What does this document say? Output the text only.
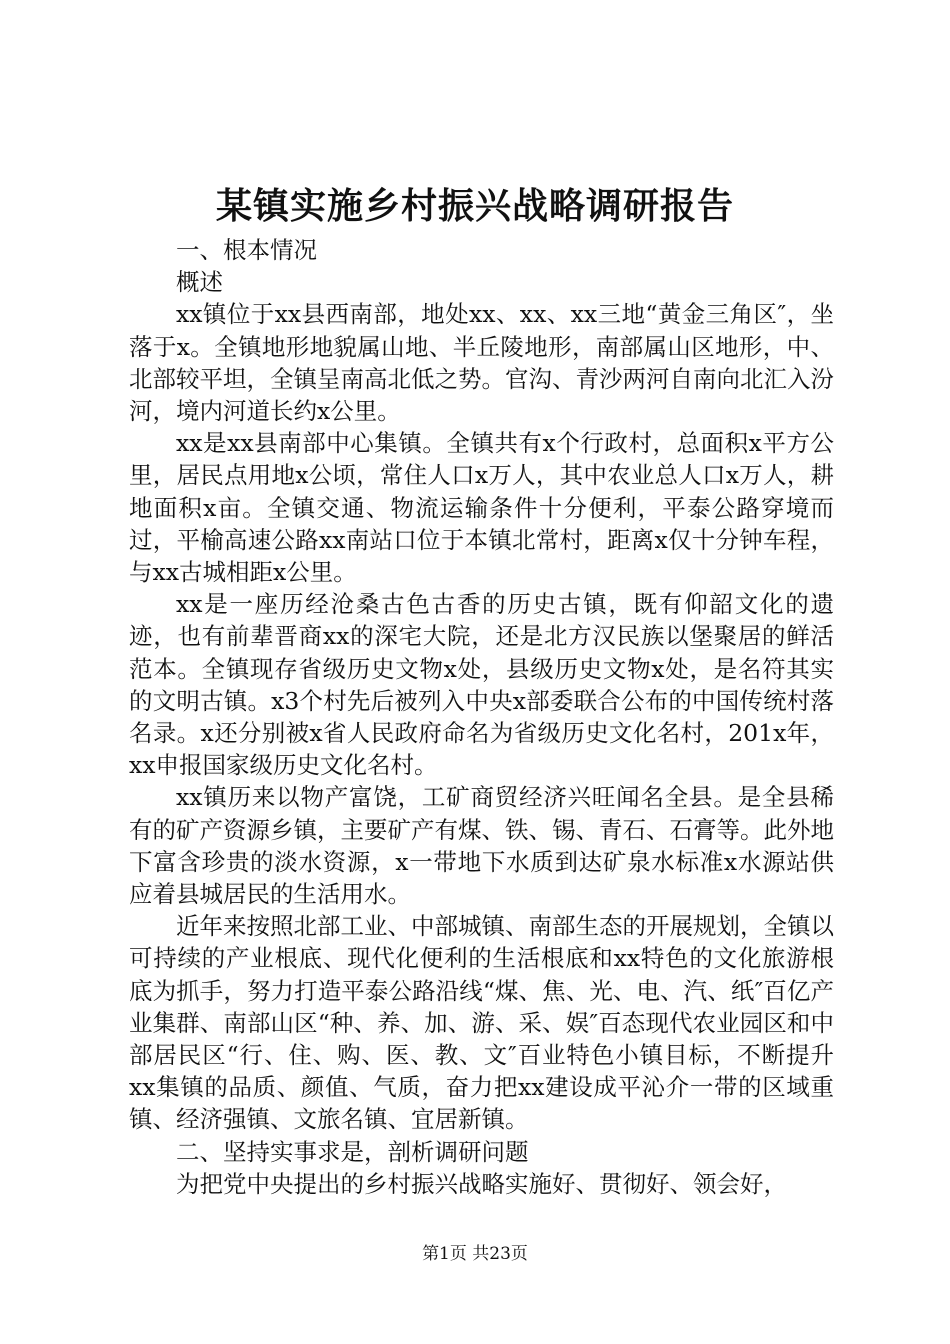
某镇实施乡村振兴战略调研报告

一、根本情况

概述

xx镇位于xx县西南部，地处xx、xx、xx三地“黄金三角区″，坐落于x。全镇地形地貌属山地、半丘陵地形，南部属山区地形，中、北部较平坦，全镇呈南高北低之势。官沟、青沙两河自南向北汇入汾河，境内河道长约x公里。

xx是xx县南部中心集镇。全镇共有x个行政村，总面积x平方公里，居民点用地x公顷，常住人口x万人，其中农业总人口x万人，耕地面积x亩。全镇交通、物流运输条件十分便利，平泰公路穿境而过，平榆高速公路xx南站口位于本镇北常村，距离x仅十分钟车程，与xx古城相距x公里。

xx是一座历经沧桑古色古香的历史古镇，既有仰韶文化的遗迹，也有前辈晋商xx的深宅大院，还是北方汉民族以堡聚居的鲜活范本。全镇现存省级历史文物x处，县级历史文物x处，是名符其实的文明古镇。x3个村先后被列入中央x部委联合公布的中国传统村落名录。x还分别被x省人民政府命名为省级历史文化名村，201x年，xx申报国家级历史文化名村。

xx镇历来以物产富饶，工矿商贸经济兴旺闻名全县。是全县稀有的矿产资源乡镇，主要矿产有煤、铁、锡、青石、石膏等。此外地下富含珍贵的淡水资源，x一带地下水质到达矿泉水标准x水源站供应着县城居民的生活用水。

近年来按照北部工业、中部城镇、南部生态的开展规划，全镇以可持续的产业根底、现代化便利的生活根底和xx特色的文化旅游根底为抓手，努力打造平泰公路沿线“煤、焦、光、电、汽、纸″百亿产业集群、南部山区“种、养、加、游、采、娱″百态现代农业园区和中部居民区“行、住、购、医、教、文″百业特色小镇目标，不断提升xx集镇的品质、颜值、气质，奋力把xx建设成平沁介一带的区域重镇、经济强镇、文旅名镇、宜居新镇。

二、坚持实事求是，剖析调研问题

为把党中央提出的乡村振兴战略实施好、贯彻好、领会好，

第1页 共23页
